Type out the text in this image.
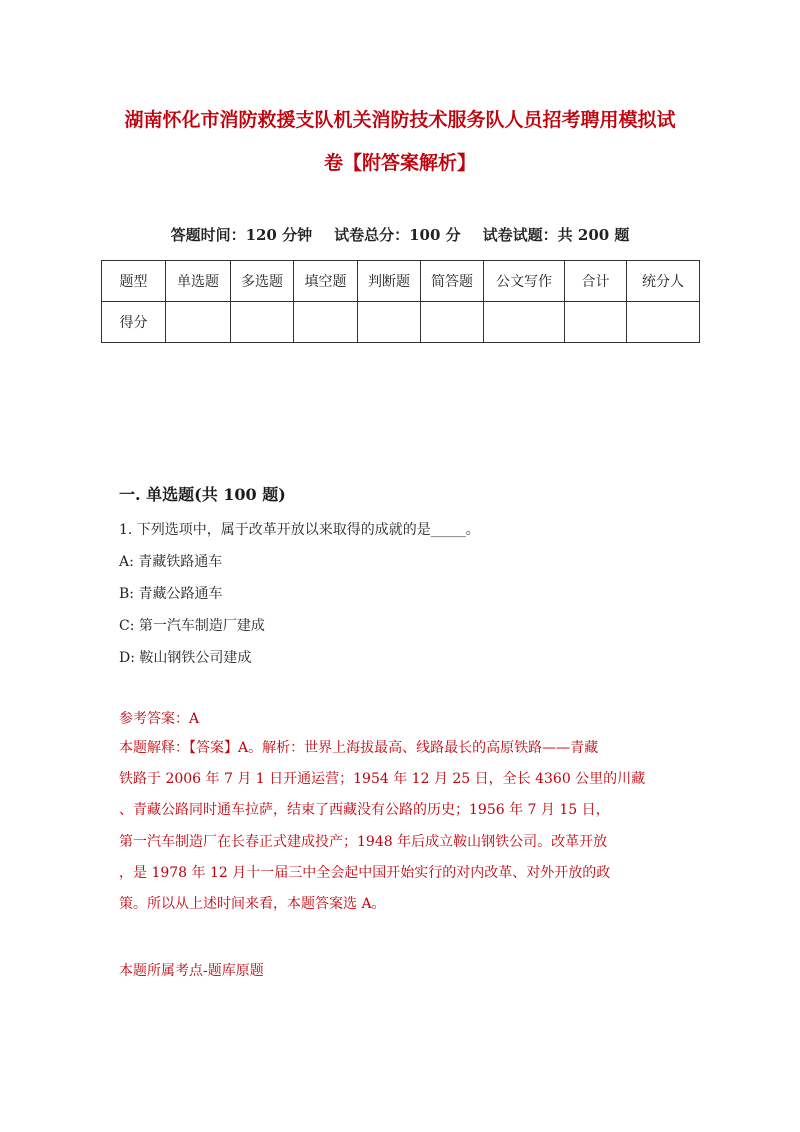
湖南怀化市消防救援支队机关消防技术服务队人员招考聘用模拟试
卷【附答案解析】
答题时间：120 分钟 试卷总分：100 分 试卷试题：共 200 题
题型	单选题	多选题	填空题	判断题	简答题	公文写作	合计	统分人
得分								
一. 单选题(共 100 题)
1. 下列选项中，属于改革开放以来取得的成就的是_____。
A: 青藏铁路通车
B: 青藏公路通车
C: 第一汽车制造厂建成
D: 鞍山钢铁公司建成
参考答案：A
本题解释：【答案】A。解析：世界上海拔最高、线路最长的高原铁路——青藏
铁路于 2006 年 7 月 1 日开通运营；1954 年 12 月 25 日，全长 4360 公里的川藏
、青藏公路同时通车拉萨，结束了西藏没有公路的历史；1956 年 7 月 15 日，
第一汽车制造厂在长春正式建成投产；1948 年后成立鞍山钢铁公司。改革开放
，是 1978 年 12 月十一届三中全会起中国开始实行的对内改革、对外开放的政
策。所以从上述时间来看，本题答案选 A。
本题所属考点-题库原题
